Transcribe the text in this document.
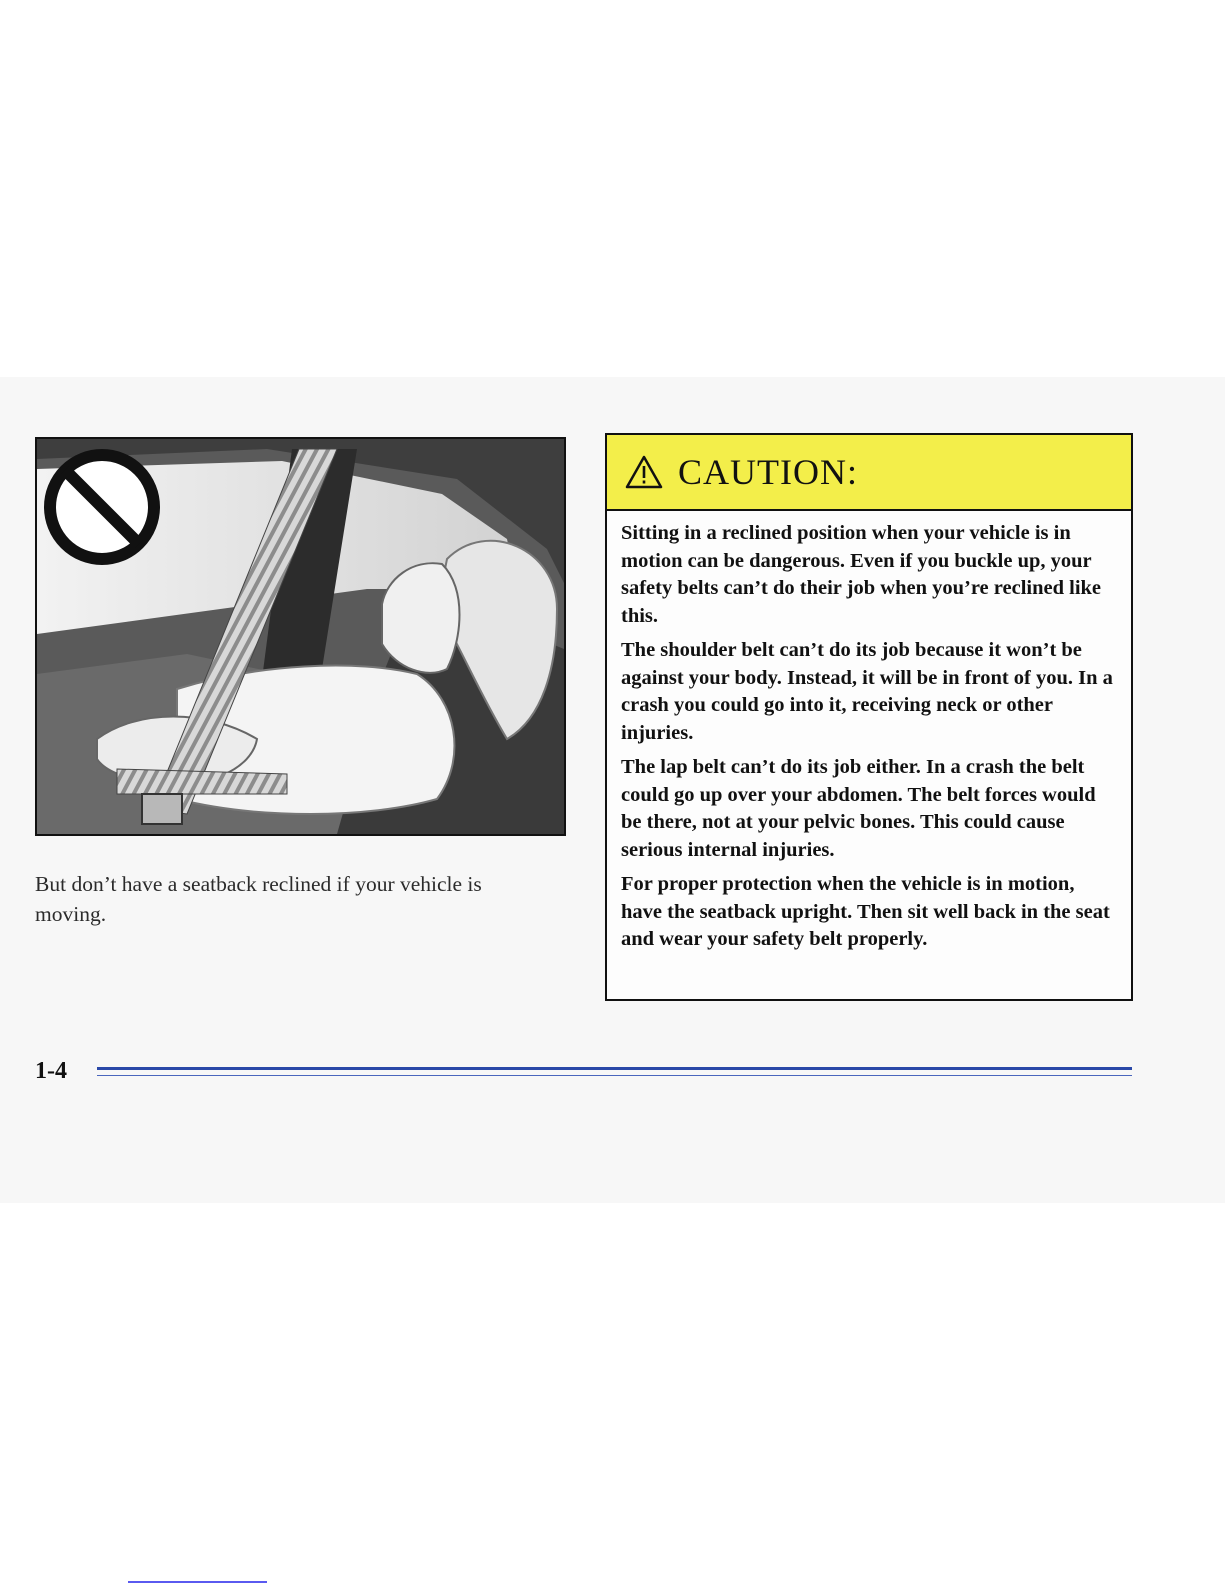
But don’t have a seatback reclined if your vehicle is moving.

CAUTION:

Sitting in a reclined position when your vehicle is in motion can be dangerous. Even if you buckle up, your safety belts can’t do their job when you’re reclined like this.

The shoulder belt can’t do its job because it won’t be against your body. Instead, it will be in front of you. In a crash you could go into it, receiving neck or other injuries.

The lap belt can’t do its job either. In a crash the belt could go up over your abdomen. The belt forces would be there, not at your pelvic bones. This could cause serious internal injuries.

For proper protection when the vehicle is in motion, have the seatback upright. Then sit well back in the seat and wear your safety belt properly.

1-4
